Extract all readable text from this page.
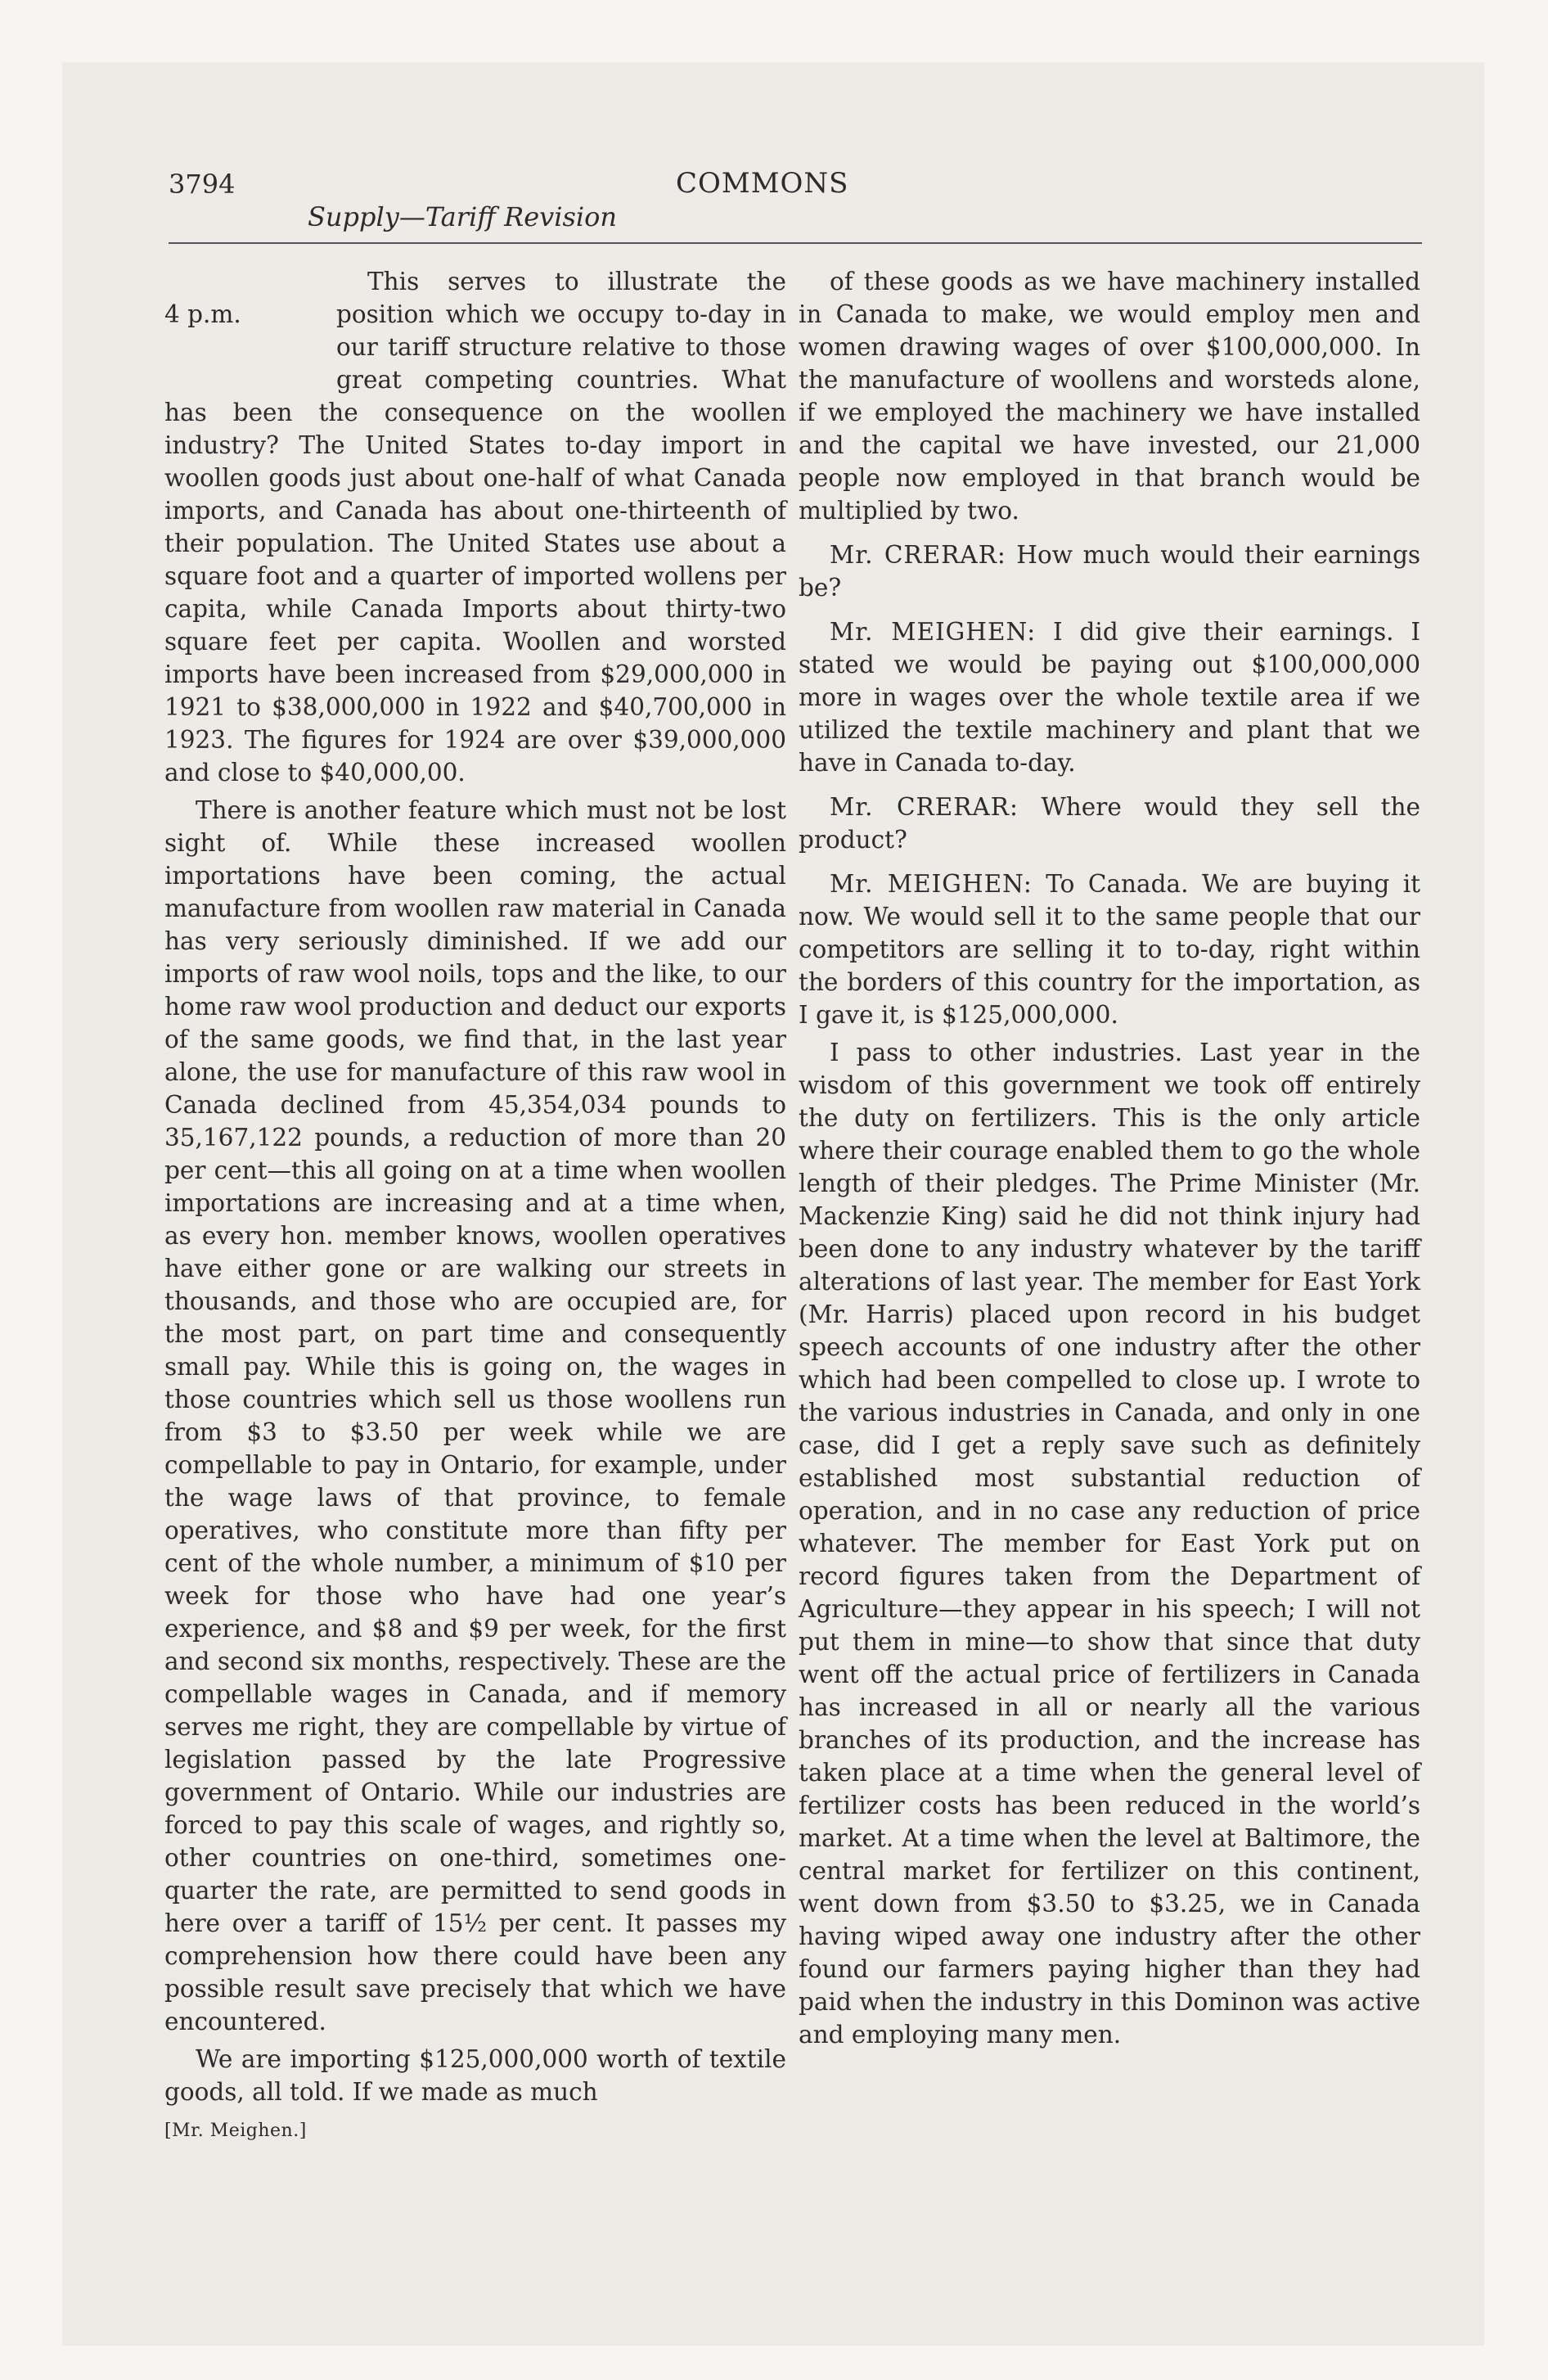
3794	COMMONS
Supply—Tariff Revision

4 p.m.
This serves to illustrate the position which we occupy to-day in our tariff structure relative to those great competing countries. What has been the consequence on the woollen industry? The United States to-day import in woollen goods just about one-half of what Canada imports, and Canada has about one-thirteenth of their population. The United States use about a square foot and a quarter of imported wollens per capita, while Canada Imports about thirty-two square feet per capita. Woollen and worsted imports have been increased from $29,000,000 in 1921 to $38,000,000 in 1922 and $40,700,000 in 1923. The figures for 1924 are over $39,000,000 and close to $40,000,00.

There is another feature which must not be lost sight of. While these increased woollen importations have been coming, the actual manufacture from woollen raw material in Canada has very seriously diminished. If we add our imports of raw wool noils, tops and the like, to our home raw wool production and deduct our exports of the same goods, we find that, in the last year alone, the use for manufacture of this raw wool in Canada declined from 45,354,034 pounds to 35,167,122 pounds, a reduction of more than 20 per cent—this all going on at a time when woollen importations are increasing and at a time when, as every hon. member knows, woollen operatives have either gone or are walking our streets in thousands, and those who are occupied are, for the most part, on part time and consequently small pay. While this is going on, the wages in those countries which sell us those woollens run from $3 to $3.50 per week while we are compellable to pay in Ontario, for example, under the wage laws of that province, to female operatives, who constitute more than fifty per cent of the whole number, a minimum of $10 per week for those who have had one year’s experience, and $8 and $9 per week, for the first and second six months, respectively. These are the compellable wages in Canada, and if memory serves me right, they are compellable by virtue of legislation passed by the late Progressive government of Ontario. While our industries are forced to pay this scale of wages, and rightly so, other countries on one-third, sometimes one-quarter the rate, are permitted to send goods in here over a tariff of 15½ per cent. It passes my comprehension how there could have been any possible result save precisely that which we have encountered.

We are importing $125,000,000 worth of textile goods, all told. If we made as much

[Mr. Meighen.]

of these goods as we have machinery installed in Canada to make, we would employ men and women drawing wages of over $100,000,000. In the manufacture of woollens and worsteds alone, if we employed the machinery we have installed and the capital we have invested, our 21,000 people now employed in that branch would be multiplied by two.

Mr. CRERAR: How much would their earnings be?

Mr. MEIGHEN: I did give their earnings. I stated we would be paying out $100,000,000 more in wages over the whole textile area if we utilized the textile machinery and plant that we have in Canada to-day.

Mr. CRERAR: Where would they sell the product?

Mr. MEIGHEN: To Canada. We are buying it now. We would sell it to the same people that our competitors are selling it to to-day, right within the borders of this country for the importation, as I gave it, is $125,000,000.

I pass to other industries. Last year in the wisdom of this government we took off entirely the duty on fertilizers. This is the only article where their courage enabled them to go the whole length of their pledges. The Prime Minister (Mr. Mackenzie King) said he did not think injury had been done to any industry whatever by the tariff alterations of last year. The member for East York (Mr. Harris) placed upon record in his budget speech accounts of one industry after the other which had been compelled to close up. I wrote to the various industries in Canada, and only in one case, did I get a reply save such as definitely established most substantial reduction of operation, and in no case any reduction of price whatever. The member for East York put on record figures taken from the Department of Agriculture—they appear in his speech; I will not put them in mine—to show that since that duty went off the actual price of fertilizers in Canada has increased in all or nearly all the various branches of its production, and the increase has taken place at a time when the general level of fertilizer costs has been reduced in the world’s market. At a time when the level at Baltimore, the central market for fertilizer on this continent, went down from $3.50 to $3.25, we in Canada having wiped away one industry after the other found our farmers paying higher than they had paid when the industry in this Dominon was active and employing many men.
